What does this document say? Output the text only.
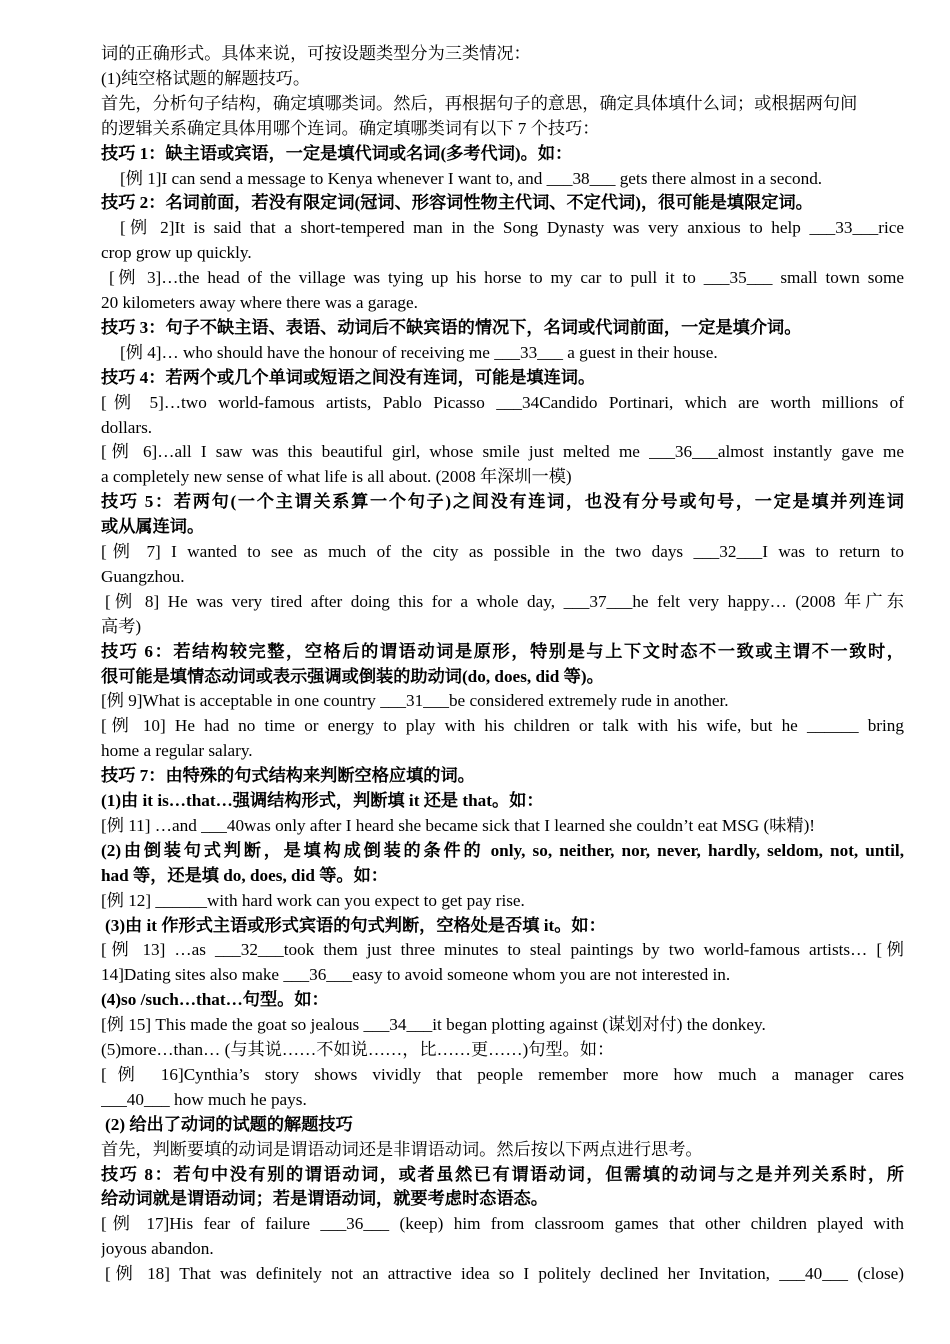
词的正确形式。具体来说，可按设题类型分为三类情况：
(1)纯空格试题的解题技巧。
首先，分析句子结构，确定填哪类词。然后，再根据句子的意思，确定具体填什么词；或根据两句间
的逻辑关系确定具体用哪个连词。确定填哪类词有以下 7 个技巧：
技巧 1：缺主语或宾语，一定是填代词或名词(多考代词)。如：
[例 1]I can send a message to Kenya whenever I want to, and ___38___ gets there almost in a second.
技巧 2：名词前面，若没有限定词(冠词、形容词性物主代词、不定代词)，很可能是填限定词。
[例 2]It is said that a short-tempered man in the Song Dynasty was very anxious to help ___33___rice
crop grow up quickly.
[例 3]…the head of the village was tying up his horse to my car to pull it to ___35___ small town some
20 kilometers away where there was a garage.
技巧 3：句子不缺主语、表语、动词后不缺宾语的情况下，名词或代词前面，一定是填介词。
[例 4]… who should have the honour of receiving me ___33___ a guest in their house.
技巧 4：若两个或几个单词或短语之间没有连词，可能是填连词。
[例 5]…two world-famous artists, Pablo Picasso ___34Candido Portinari, which are worth millions of
dollars.
[例 6]…all I saw was this beautiful girl, whose smile just melted me ___36___almost instantly gave me
a completely new sense of what life is all about. (2008 年深圳一模)
技巧 5：若两句(一个主谓关系算一个句子)之间没有连词，也没有分号或句号，一定是填并列连词
或从属连词。
[例 7] I wanted to see as much of the city as possible in the two days ___32___I was to return to
Guangzhou.
[例 8] He was very tired after doing this for a whole day, ___37___he felt very happy… (2008 年广东
高考)
技巧 6：若结构较完整，空格后的谓语动词是原形，特别是与上下文时态不一致或主谓不一致时，
很可能是填情态动词或表示强调或倒装的助动词(do, does, did 等)。
[例 9]What is acceptable in one country ___31___be considered extremely rude in another.
[例 10] He had no time or energy to play with his children or talk with his wife, but he ______ bring
home a regular salary.
技巧 7：由特殊的句式结构来判断空格应填的词。
(1)由 it is…that…强调结构形式，判断填 it 还是 that。如：
[例 11] …and ___40was only after I heard she became sick that I learned she couldn’t eat MSG (味精)!
(2)由倒装句式判断，是填构成倒装的条件的 only, so, neither, nor, never, hardly, seldom, not, until,
had 等，还是填 do, does, did 等。如：
[例 12] ______with hard work can you expect to get pay rise.
(3)由 it 作形式主语或形式宾语的句式判断，空格处是否填 it。如：
[例 13] …as ___32___took them just three minutes to steal paintings by two world-famous artists… [例
14]Dating sites also make ___36___easy to avoid someone whom you are not interested in.
(4)so /such…that…句型。如：
[例 15] This made the goat so jealous ___34___it began plotting against (谋划对付) the donkey.
(5)more…than… (与其说……不如说……，比……更……)句型。如：
[例 16]Cynthia’s story shows vividly that people remember more how much a manager cares
___40___ how much he pays.
(2) 给出了动词的试题的解题技巧
首先，判断要填的动词是谓语动词还是非谓语动词。然后按以下两点进行思考。
技巧 8：若句中没有别的谓语动词，或者虽然已有谓语动词，但需填的动词与之是并列关系时，所
给动词就是谓语动词；若是谓语动词，就要考虑时态语态。
[例 17]His fear of failure ___36___ (keep) him from classroom games that other children played with
joyous abandon.
[例 18] That was definitely not an attractive idea so I politely declined her Invitation, ___40___ (close)
